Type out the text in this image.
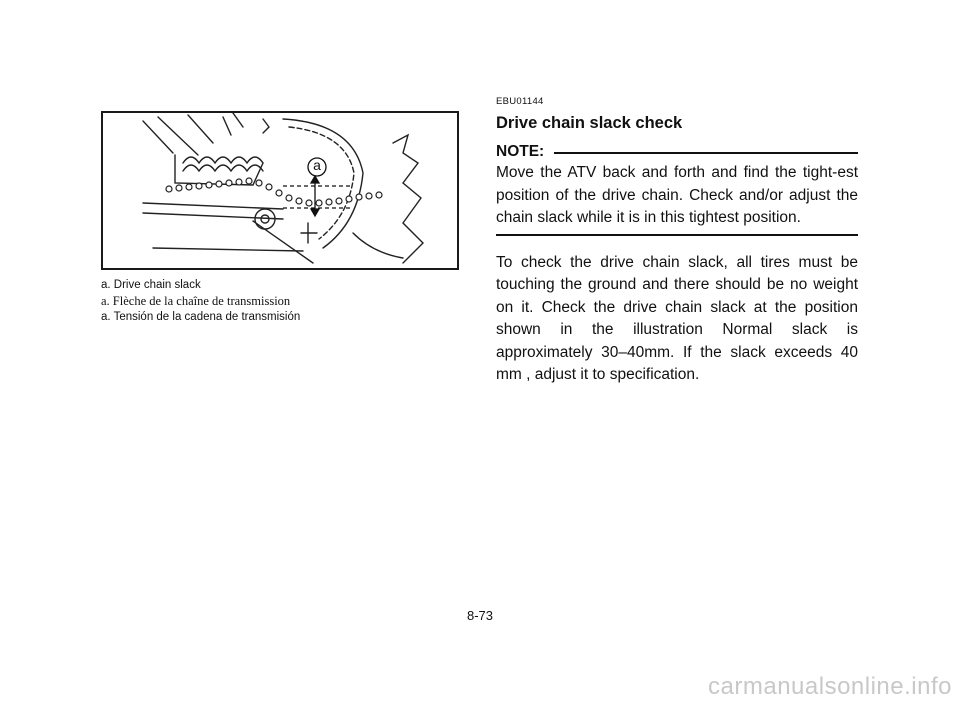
a
a. Drive chain slack
a. Flèche de la chaîne de transmission
a. Tensión de la cadena de transmisión
EBU01144
Drive chain slack check
NOTE:
Move the ATV back and forth and find the tight-est position of the drive chain. Check and/or adjust the chain slack while it is in this tightest position.
To check the drive chain slack, all tires must be touching the ground and there should be no weight on it. Check the drive chain slack at the position shown in the illustration Normal slack is approximately 30–40mm. If the slack exceeds 40 mm , adjust it to specification.
8-73
carmanualsonline.info
